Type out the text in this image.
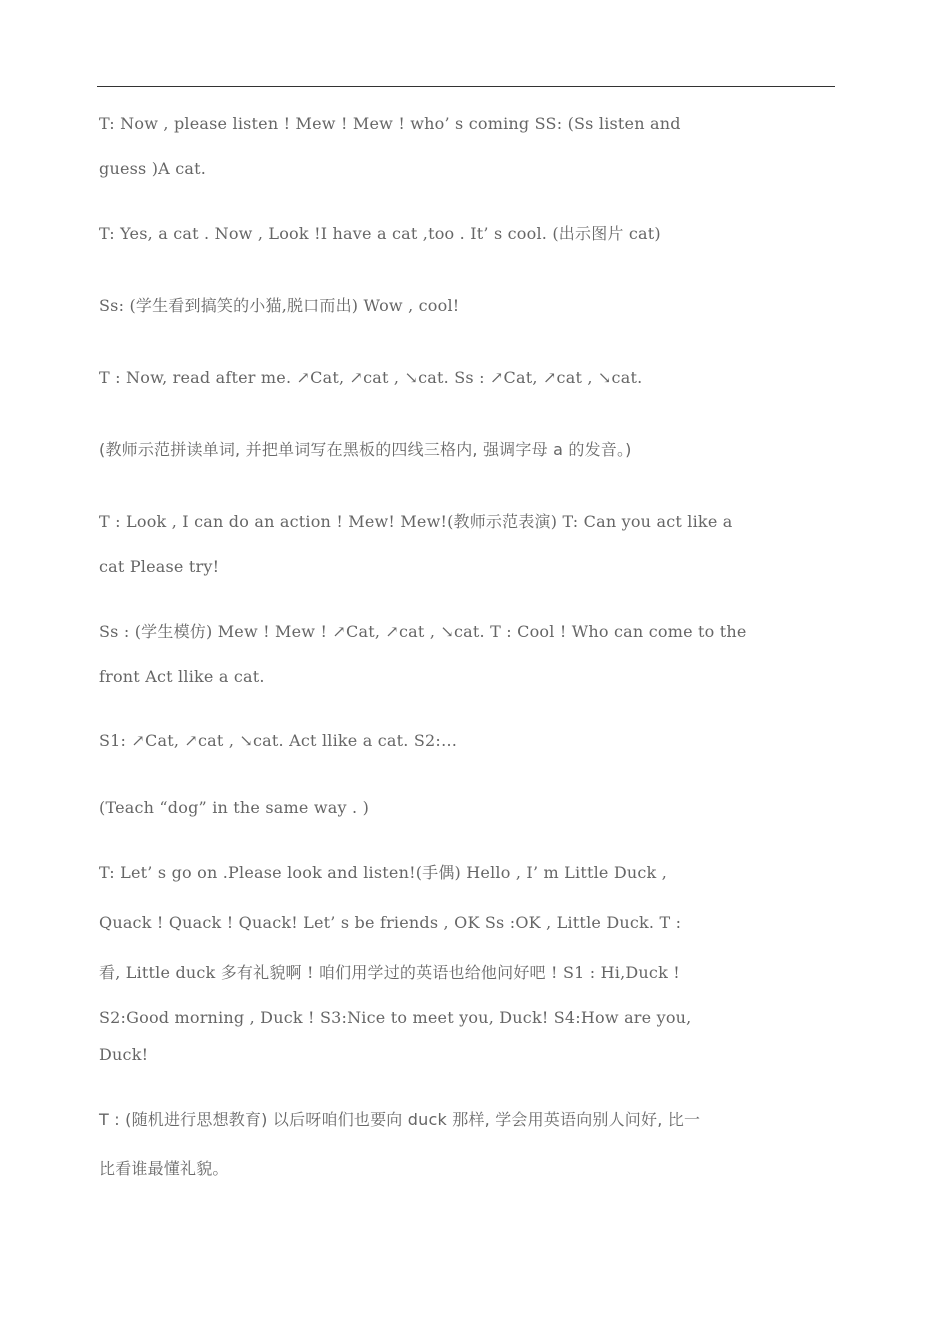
T: Now , please listen ! Mew ! Mew ! who’ s coming SS: (Ss listen and
guess )A cat.
T: Yes, a cat . Now , Look !I have a cat ,too . It’ s cool. (出示图片 cat)
Ss: (学生看到搞笑的小猫,脱口而出) Wow , cool!
T : Now, read after me. ↗Cat, ↗cat , ↘cat. Ss : ↗Cat, ↗cat , ↘cat.
(教师示范拼读单词, 并把单词写在黑板的四线三格内, 强调字母 a 的发音。)
T : Look , I can do an action ! Mew! Mew!(教师示范表演) T: Can you act like a
cat Please try!
Ss : (学生模仿) Mew ! Mew ! ↗Cat, ↗cat , ↘cat. T : Cool ! Who can come to the
front Act llike a cat.
S1: ↗Cat, ↗cat , ↘cat. Act llike a cat. S2:…
(Teach “dog” in the same way . )
T: Let’ s go on .Please look and listen!(手偶) Hello , I’ m Little Duck ,
Quack ! Quack ! Quack! Let’ s be friends , OK Ss :OK , Little Duck. T :
看, Little duck 多有礼貌啊 ! 咱们用学过的英语也给他问好吧 ! S1 : Hi,Duck !
S2:Good morning , Duck ! S3:Nice to meet you, Duck! S4:How are you,
Duck!
T : (随机进行思想教育) 以后呀咱们也要向 duck 那样, 学会用英语向别人问好, 比一
比看谁最懂礼貌。
